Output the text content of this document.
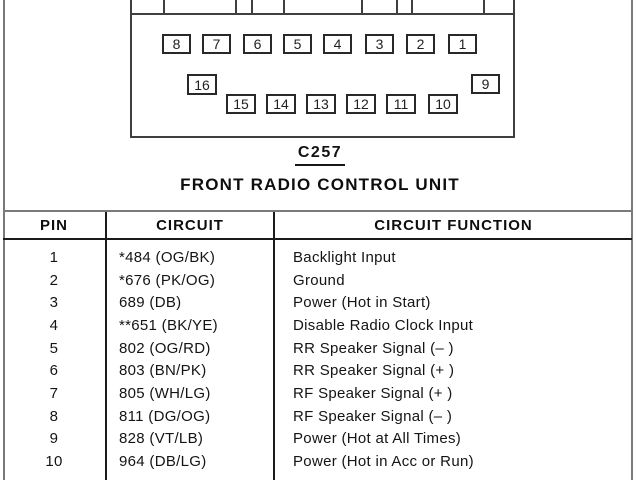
8 7 6 5 4 3 2 1
16	9
15 14 13 12 11 10
C257
FRONT RADIO CONTROL UNIT
PIN	CIRCUIT	CIRCUIT FUNCTION
1	*484 (OG/BK)	Backlight Input
2	*676 (PK/OG)	Ground
3	689 (DB)	Power (Hot in Start)
4	**651 (BK/YE)	Disable Radio Clock Input
5	802 (OG/RD)	RR Speaker Signal (– )
6	803 (BN/PK)	RR Speaker Signal (+ )
7	805 (WH/LG)	RF Speaker Signal (+ )
8	811 (DG/OG)	RF Speaker Signal (– )
9	828 (VT/LB)	Power (Hot at All Times)
10	964 (DB/LG)	Power (Hot in Acc or Run)
